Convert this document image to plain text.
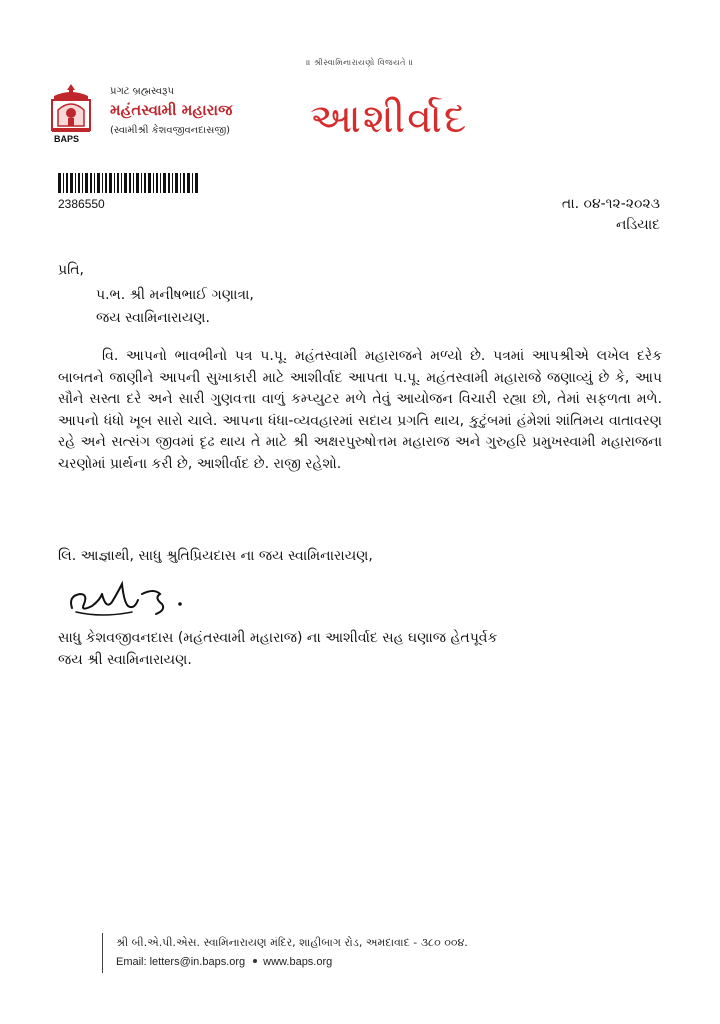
॥ શ્રીસ્વામિનારાયણો વિજયતે ॥
BAPS
પ્રગટ બ્રહ્મસ્વરૂપ
મહંતસ્વામી મહારાજ
(સ્વામીશ્રી કેશવજીવનદાસજી) આશીર્વાદ
2386550	તા. ૦૪-૧૨-૨૦૨૩
નડિયાદ
પ્રતિ,
પ.ભ. શ્રી મનીષભાઈ ગણાત્રા,
જય સ્વામિનારાયણ.
વિ. આપનો ભાવભીનો પત્ર પ.પૂ. મહંતસ્વામી મહારાજને મળ્યો છે. પત્રમાં આપશ્રીએ લખેલ દરેક બાબતને જાણીને આપની સુખાકારી માટે આશીર્વાદ આપતા પ.પૂ. મહંતસ્વામી મહારાજે જણાવ્યું છે કે, આપ સૌને સસ્તા દરે અને સારી ગુણવત્તા વાળું કમ્પ્યુટર મળે તેવું આયોજન વિચારી રહ્યા છો, તેમાં સફળતા મળે. આપનો ધંધો ખૂબ સારો ચાલે. આપના ધંધા-વ્યવહારમાં સદાય પ્રગતિ થાય, કુટુંબમાં હંમેશાં શાંતિમય વાતાવરણ રહે અને સત્સંગ જીવમાં દૃઢ થાય તે માટે શ્રી અક્ષરપુરુષોત્તમ મહારાજ અને ગુરુહરિ પ્રમુખસ્વામી મહારાજના ચરણોમાં પ્રાર્થના કરી છે, આશીર્વાદ છે. રાજી રહેશો.
લિ. આજ્ઞાથી, સાધુ શ્રુતિપ્રિયદાસ ના જય સ્વામિનારાયણ,
સાધુ કેશવજીવનદાસ (મહંતસ્વામી મહારાજ) ના આશીર્વાદ સહ ઘણાજ હેતપૂર્વક
જય શ્રી સ્વામિનારાયણ.
શ્રી બી.એ.પી.એસ. સ્વામિનારાયણ મંદિર, શાહીબાગ રોડ, અમદાવાદ - ૩૮૦ ૦૦૪.
Email: letters@in.baps.org www.baps.org
